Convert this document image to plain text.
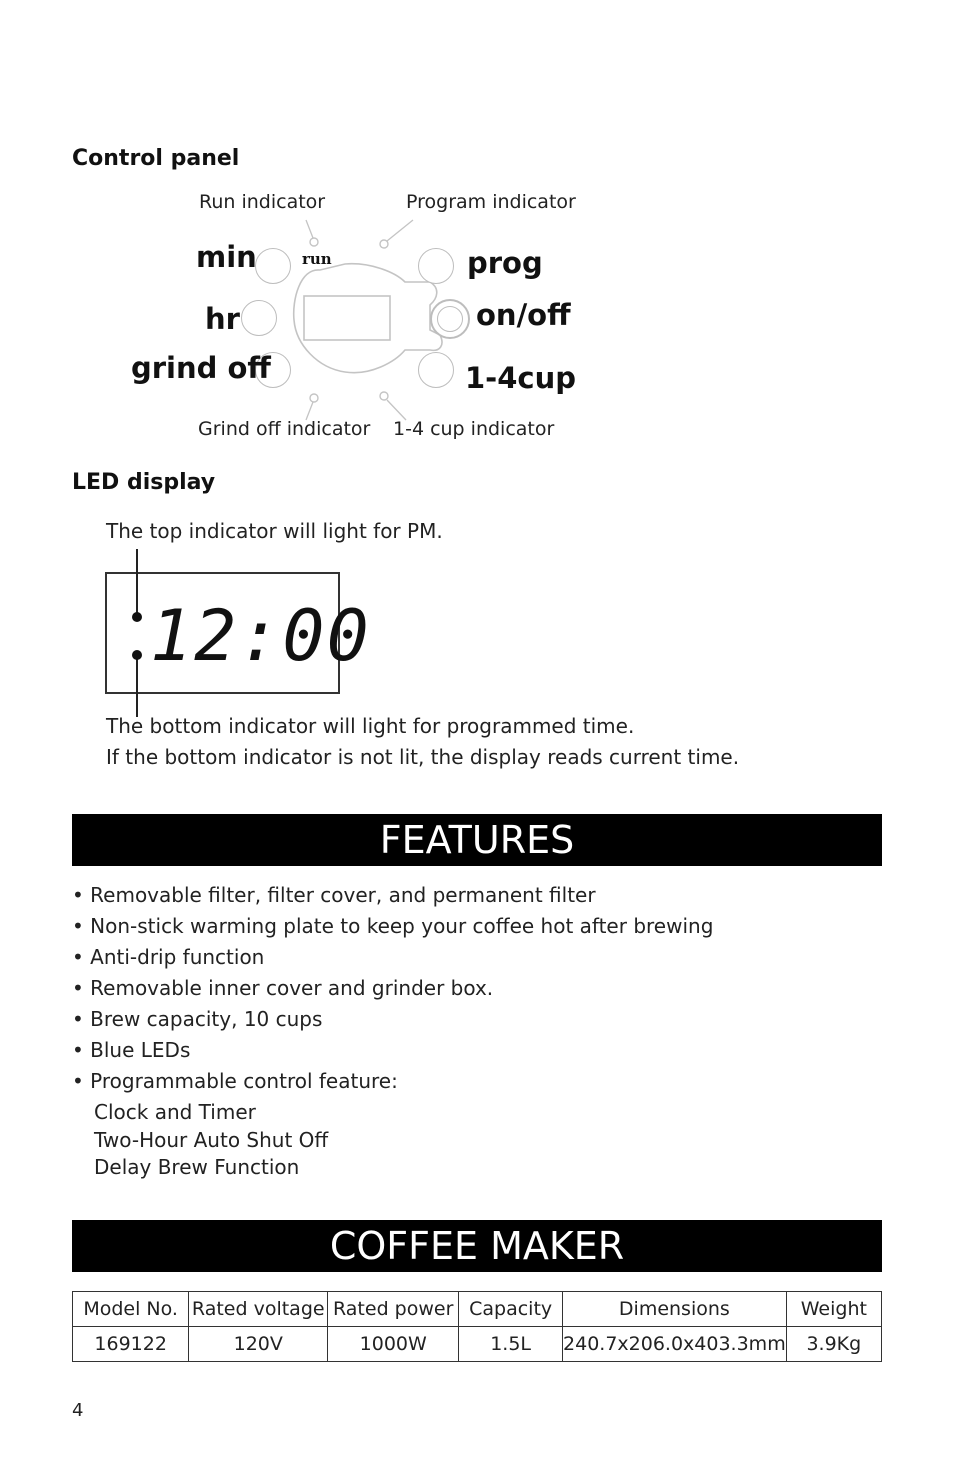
Control panel
Run indicator	Program indicator
Grind off indicator 1-4 cup indicator
min	run
hr
grind off
prog
on/off
1-4cup
LED display
The top indicator will light for PM.
12:00
The bottom indicator will light for programmed time.
If the bottom indicator is not lit, the display reads current time.
FEATURES
• Removable filter, filter cover, and permanent filter
• Non-stick warming plate to keep your coffee hot after brewing
• Anti-drip function
• Removable inner cover and grinder box.
• Brew capacity, 10 cups
• Blue LEDs
• Programmable control feature:
Clock and Timer
Two-Hour Auto Shut Off
Delay Brew Function
COFFEE MAKER
Model No.	Rated voltage	Rated power	Capacity	Dimensions	Weight
169122	120V	1000W	1.5L	240.7x206.0x403.3mm	3.9Kg
4
